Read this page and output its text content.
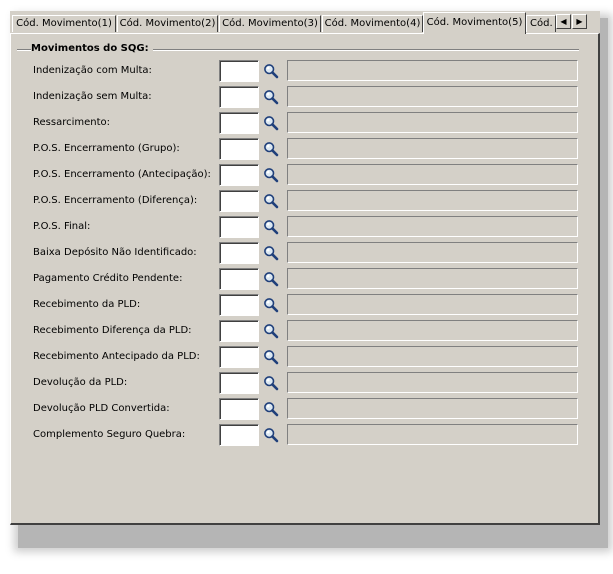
Cód. Movimento(1) Cód. Movimento(2) Cód. Movimento(3) Cód. Movimento(4) Cód. Movimento(5) Cód. ◀	▶
Movimentos do SQG:
Indenização com Multa:
Indenização sem Multa:
Ressarcimento:
P.O.S. Encerramento (Grupo):
P.O.S. Encerramento (Antecipação):
P.O.S. Encerramento (Diferença):
P.O.S. Final:
Baixa Depósito Não Identificado:
Pagamento Crédito Pendente:
Recebimento da PLD:
Recebimento Diferença da PLD:
Recebimento Antecipado da PLD:
Devolução da PLD:
Devolução PLD Convertida:
Complemento Seguro Quebra:
